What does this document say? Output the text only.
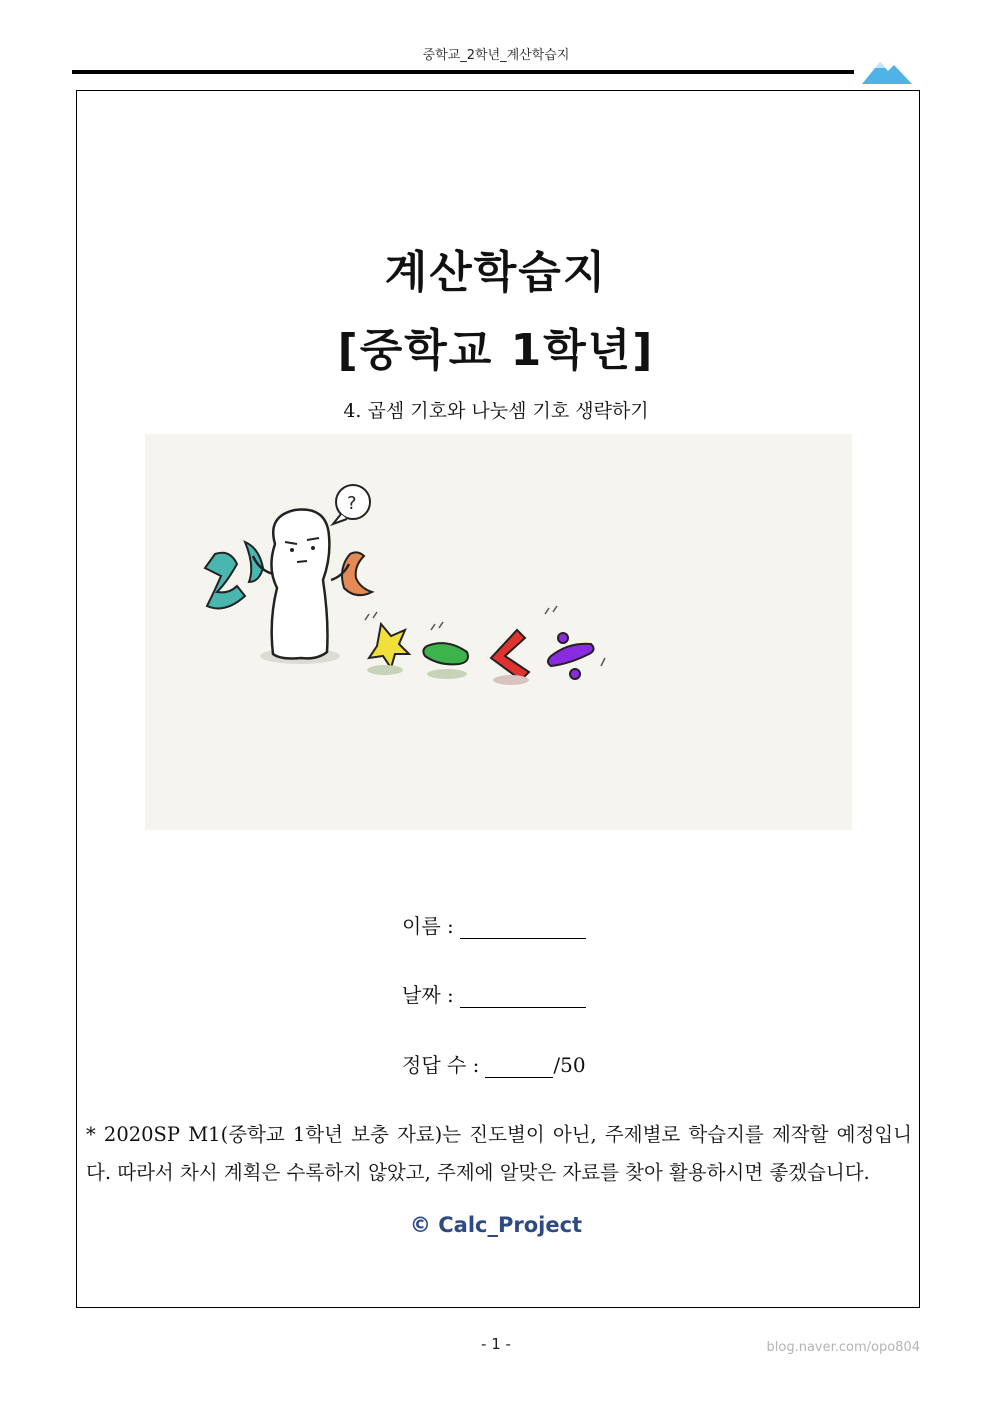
중학교_2학년_계산학습지
계산학습지
[중학교 1학년]
4. 곱셈 기호와 나눗셈 기호 생략하기
?
이름 :
날짜 :
정답 수 :	/50
* 2020SP M1(중학교 1학년 보충 자료)는 진도별이 아닌, 주제별로 학습지를 제작할 예정입니다. 따라서 차시 계획은 수록하지 않았고, 주제에 알맞은 자료를 찾아 활용하시면 좋겠습니다.
© Calc_Project
- 1 -	blog.naver.com/opo804
